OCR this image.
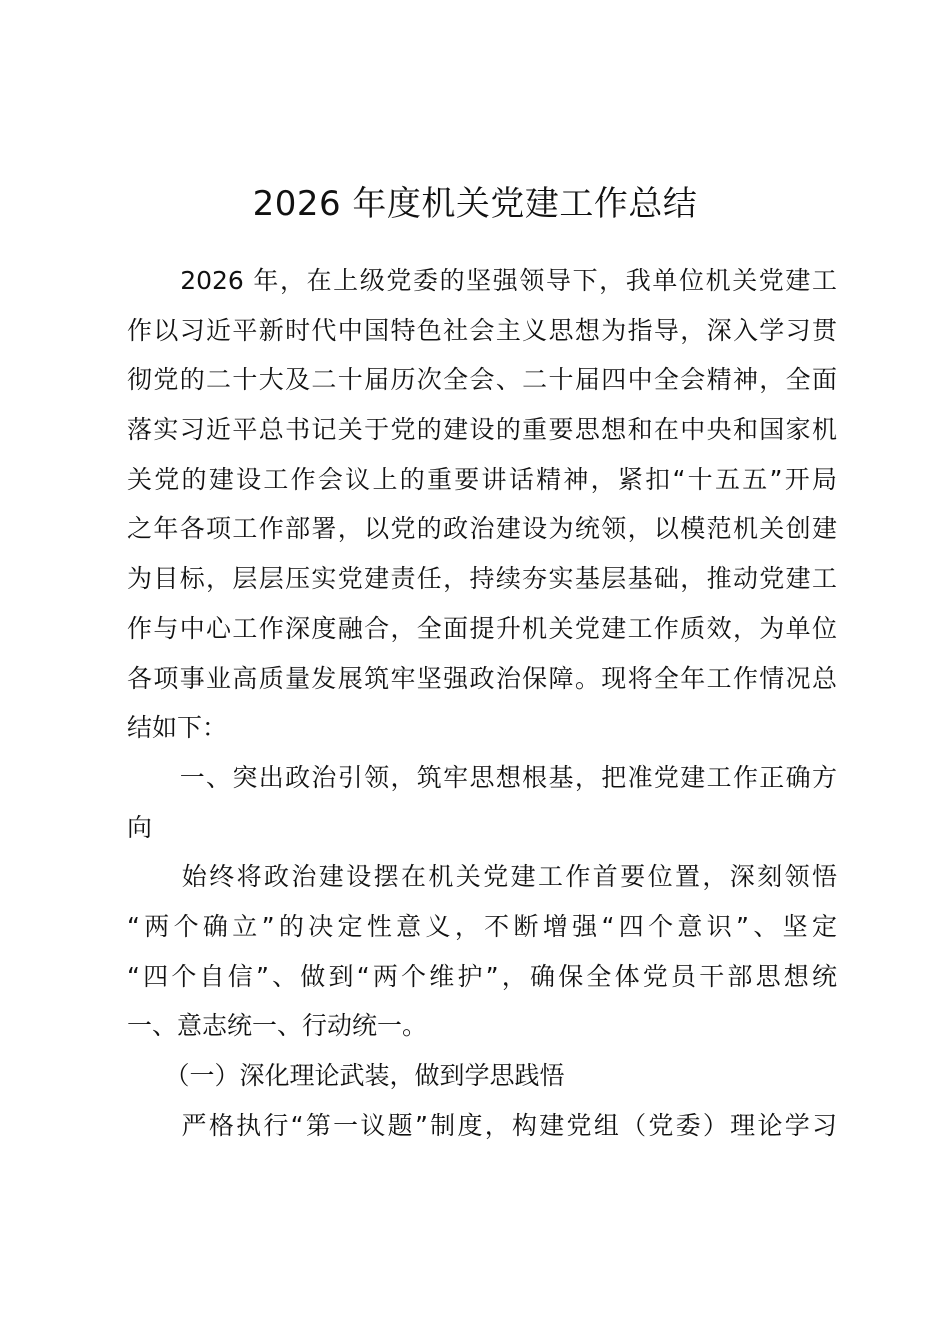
2026 年度机关党建工作总结
　　2026 年，在上级党委的坚强领导下，我单位机关党建工
作以习近平新时代中国特色社会主义思想为指导，深入学习贯
彻党的二十大及二十届历次全会、二十届四中全会精神，全面
落实习近平总书记关于党的建设的重要思想和在中央和国家机
关党的建设工作会议上的重要讲话精神，紧扣“十五五”开局
之年各项工作部署，以党的政治建设为统领，以模范机关创建
为目标，层层压实党建责任，持续夯实基层基础，推动党建工
作与中心工作深度融合，全面提升机关党建工作质效，为单位
各项事业高质量发展筑牢坚强政治保障。现将全年工作情况总
结如下：
　　一、突出政治引领，筑牢思想根基，把准党建工作正确方
向
　　始终将政治建设摆在机关党建工作首要位置，深刻领悟
“两个确立”的决定性意义，不断增强“四个意识”、坚定
“四个自信”、做到“两个维护”，确保全体党员干部思想统
一、意志统一、行动统一。
　　（一）深化理论武装，做到学思践悟
　　严格执行“第一议题”制度，构建党组（党委）理论学习
